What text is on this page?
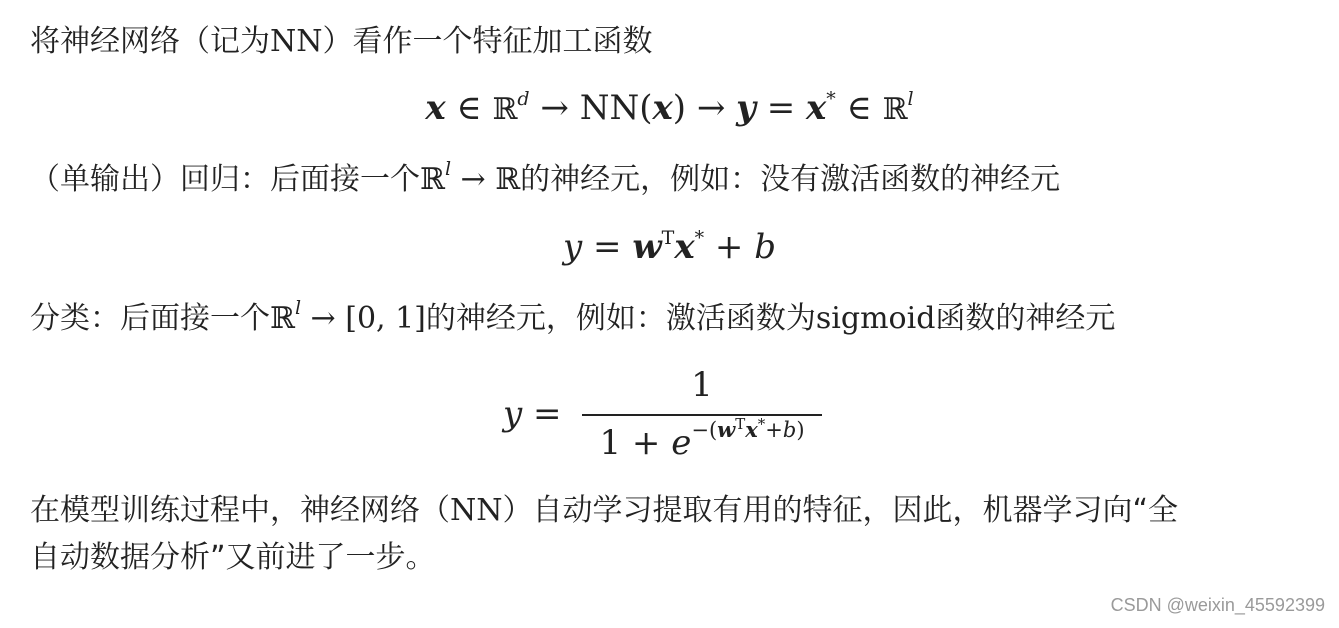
将神经网络（记为NN）看作一个特征加工函数
x ∈ ℝ$^d$ → NN(x) → y = x* ∈ ℝ$^l$
（单输出）回归：后面接一个ℝ$^l$ → ℝ的神经元，例如：没有激活函数的神经元
$y = w^Tx^* + b$
分类：后面接一个ℝ$^l$ → [0, 1]的神经元，例如：激活函数为sigmoid函数的神经元
y =
1
$1 + e^{-(w^Tx^*+b)}$
在模型训练过程中，神经网络（NN）自动学习提取有用的特征，因此，机器学习向“全
自动数据分析”又前进了一步。
CSDN @weixin_45592399
